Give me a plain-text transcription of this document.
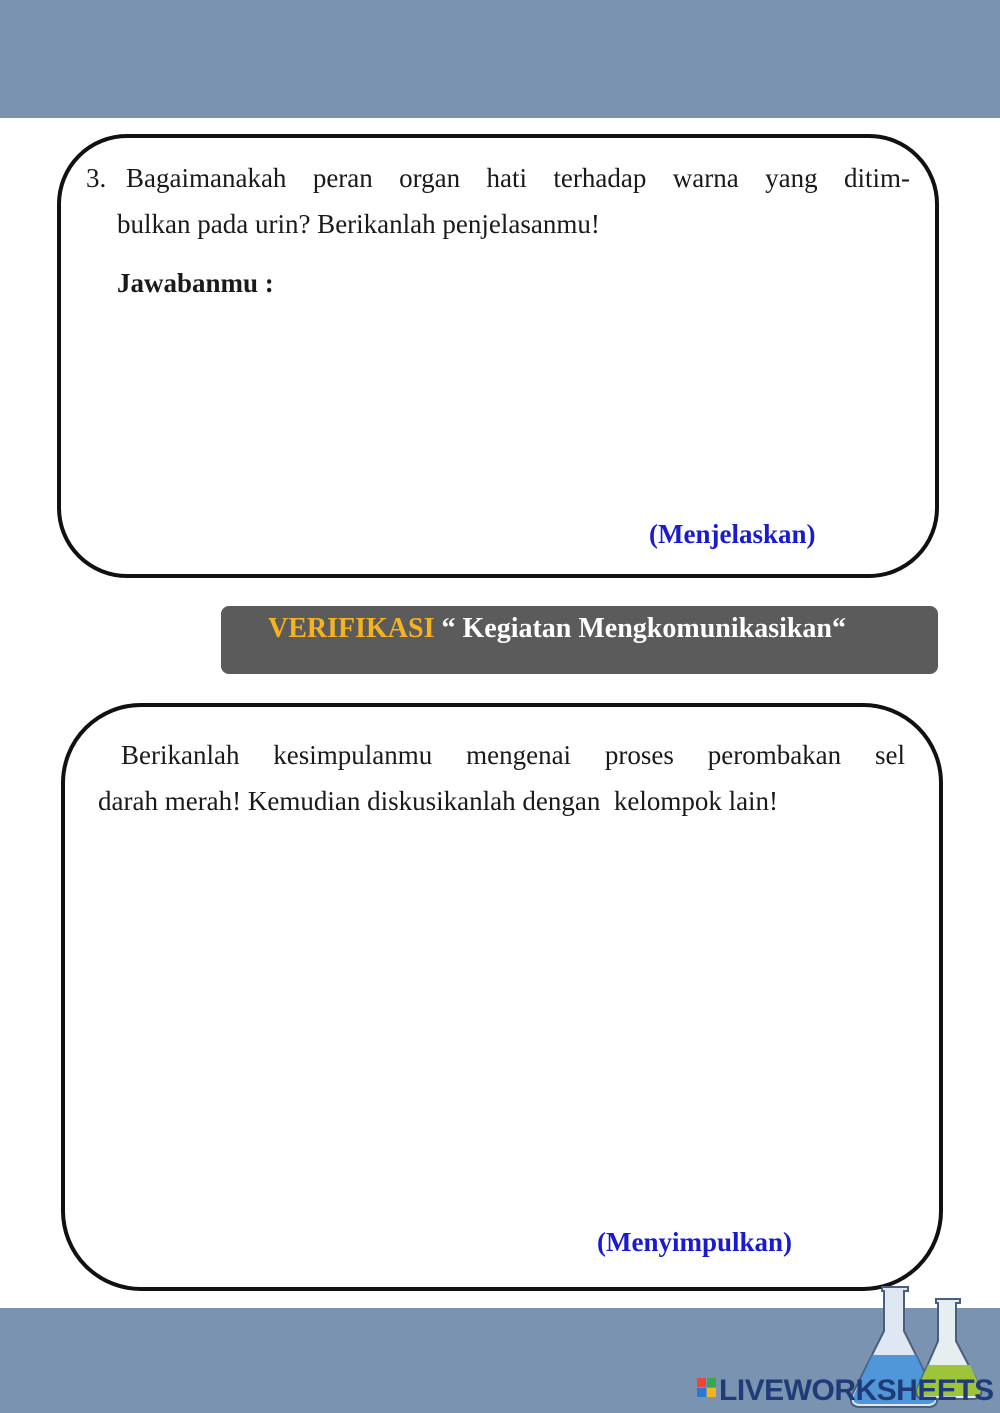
3. Bagaimanakah peran organ hati terhadap warna yang ditim-
bulkan pada urin? Berikanlah penjelasanmu!
Jawabanmu :
(Menjelaskan)
VERIFIKASI “ Kegiatan Mengkomunikasikan“
Berikanlah kesimpulanmu mengenai proses perombakan sel
darah merah! Kemudian diskusikanlah dengan  kelompok lain!
(Menyimpulkan)
LIVEWORKSHEETS
